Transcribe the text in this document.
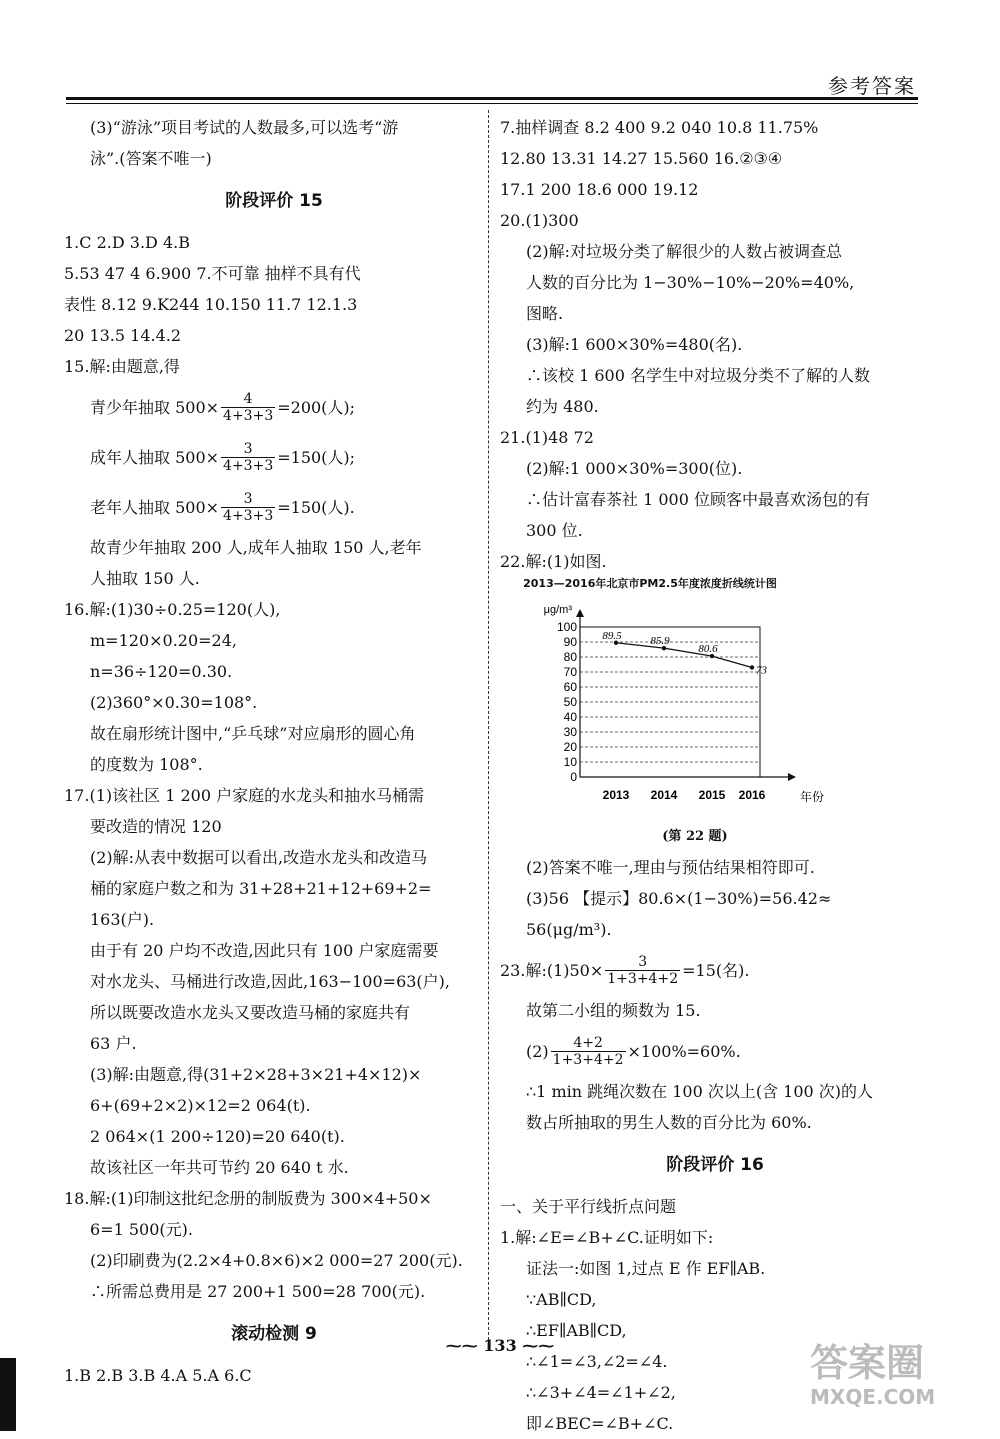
参考答案
(3)“游泳”项目考试的人数最多,可以选考“游
泳”.(答案不唯一)
阶段评价 15
1.C 2.D 3.D 4.B
5.53 47 4 6.900 7.不可靠 抽样不具有代
表性 8.12 9.K244 10.150 11.7 12.1.3
20 13.5 14.4.2
15.解:由题意,得
青少年抽取 $500\times \frac{4}{4+3+3} =200$(人);
成年人抽取 $500\times \frac{3}{4+3+3} =150$(人);
老年人抽取 $500\times \frac{3}{4+3+3} =150$(人).
故青少年抽取 200 人,成年人抽取 150 人,老年
人抽取 150 人.
16.解:(1)30÷0.25=120(人),
m=120×0.20=24,
n=36÷120=0.30.
(2)360°×0.30=108°.
故在扇形统计图中,“乒乓球”对应扇形的圆心角
的度数为 108°.
17.(1)该社区 1 200 户家庭的水龙头和抽水马桶需
要改造的情况 120
(2)解:从表中数据可以看出,改造水龙头和改造马
桶的家庭户数之和为 31+28+21+12+69+2=
163(户).
由于有 20 户均不改造,因此只有 100 户家庭需要
对水龙头、马桶进行改造,因此,163−100=63(户),
所以既要改造水龙头又要改造马桶的家庭共有
63 户.
(3)解:由题意,得(31+2×28+3×21+4×12)×
6+(69+2×2)×12=2 064(t).
2 064×(1 200÷120)=20 640(t).
故该社区一年共可节约 20 640 t 水.
18.解:(1)印制这批纪念册的制版费为 300×4+50×
6=1 500(元).
(2)印刷费为(2.2×4+0.8×6)×2 000=27 200(元).
∴所需总费用是 27 200+1 500=28 700(元).
滚动检测 9
1.B 2.B 3.B 4.A 5.A 6.C
7.抽样调查 8.2 400 9.2 040 10.8 11.75%
12.80 13.31 14.27 15.560 16.②③④
17.1 200 18.6 000 19.12
20.(1)300
(2)解:对垃圾分类了解很少的人数占被调查总
人数的百分比为 1−30%−10%−20%=40%,
图略.
(3)解:1 600×30%=480(名).
∴该校 1 600 名学生中对垃圾分类不了解的人数
约为 480.
21.(1)48 72
(2)解:1 000×30%=300(位).
∴估计富春茶社 1 000 位顾客中最喜欢汤包的有
300 位.
22.解:(1)如图.
2013—2016年北京市PM2.5年度浓度折线统计图
0
10
20
30
40
50
60
70
80
90
100
μg/m³
年份
2013 2014 2015 2016
89.5	85.9
80.6
73
(第 22 题)
(2)答案不唯一,理由与预估结果相符即可.
(3)56 【提示】80.6×(1−30%)=56.42≈
56(μg/m³).
23.解:(1)50× $\frac{3}{1+3+4+2} =15$(名).
故第二小组的频数为 15.
$(2) \frac{4+2}{1+3+4+2} \times 100\%=60\%$.
∴1 min 跳绳次数在 100 次以上(含 100 次)的人
数占所抽取的男生人数的百分比为 60%.
阶段评价 16
一、关于平行线折点问题
1.解:∠E=∠B+∠C.证明如下:
证法一:如图 1,过点 E 作 EF∥AB.
∵AB∥CD,
∴EF∥AB∥CD,
∴∠1=∠3,∠2=∠4.
∴∠3+∠4=∠1+∠2,
即∠BEC=∠B+∠C.
⁓⁓ 133 ⁓⁓	答案圈
MXQE.COM
